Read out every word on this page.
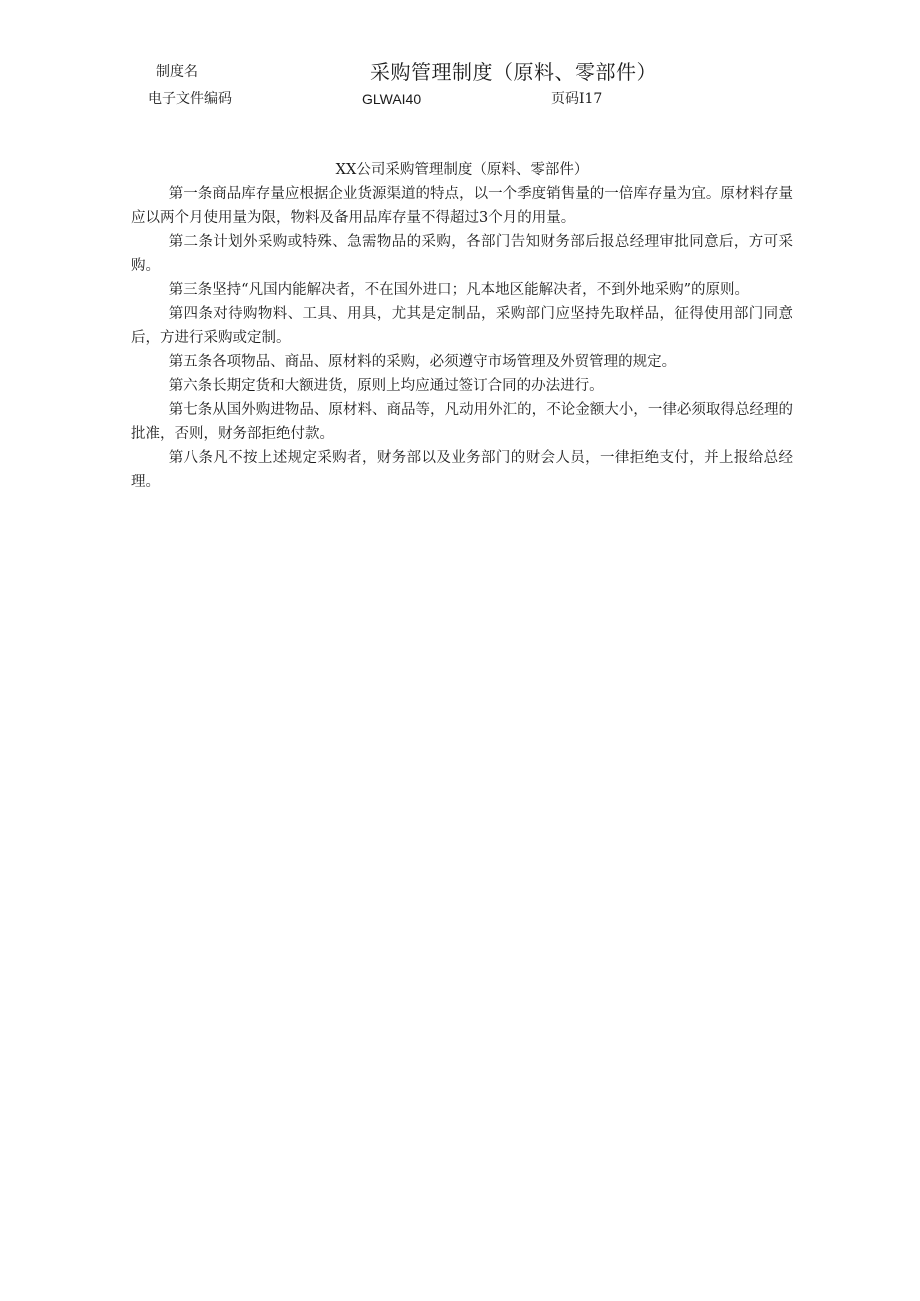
制度名	采购管理制度（原料、零部件）
电子文件编码	GLWAI40	页码I17
XX公司采购管理制度（原料、零部件）

第一条商品库存量应根据企业货源渠道的特点，以一个季度销售量的一倍库存量为宜。原材料存量应以两个月使用量为限，物料及备用品库存量不得超过3个月的用量。

第二条计划外采购或特殊、急需物品的采购，各部门告知财务部后报总经理审批同意后，方可采购。

第三条坚持“凡国内能解决者，不在国外进口；凡本地区能解决者，不到外地采购”的原则。

第四条对待购物料、工具、用具，尤其是定制品，采购部门应坚持先取样品，征得使用部门同意后，方进行采购或定制。

第五条各项物品、商品、原材料的采购，必须遵守市场管理及外贸管理的规定。

第六条长期定货和大额进货，原则上均应通过签订合同的办法进行。

第七条从国外购进物品、原材料、商品等，凡动用外汇的，不论金额大小，一律必须取得总经理的批准，否则，财务部拒绝付款。

第八条凡不按上述规定采购者，财务部以及业务部门的财会人员，一律拒绝支付，并上报给总经理。
